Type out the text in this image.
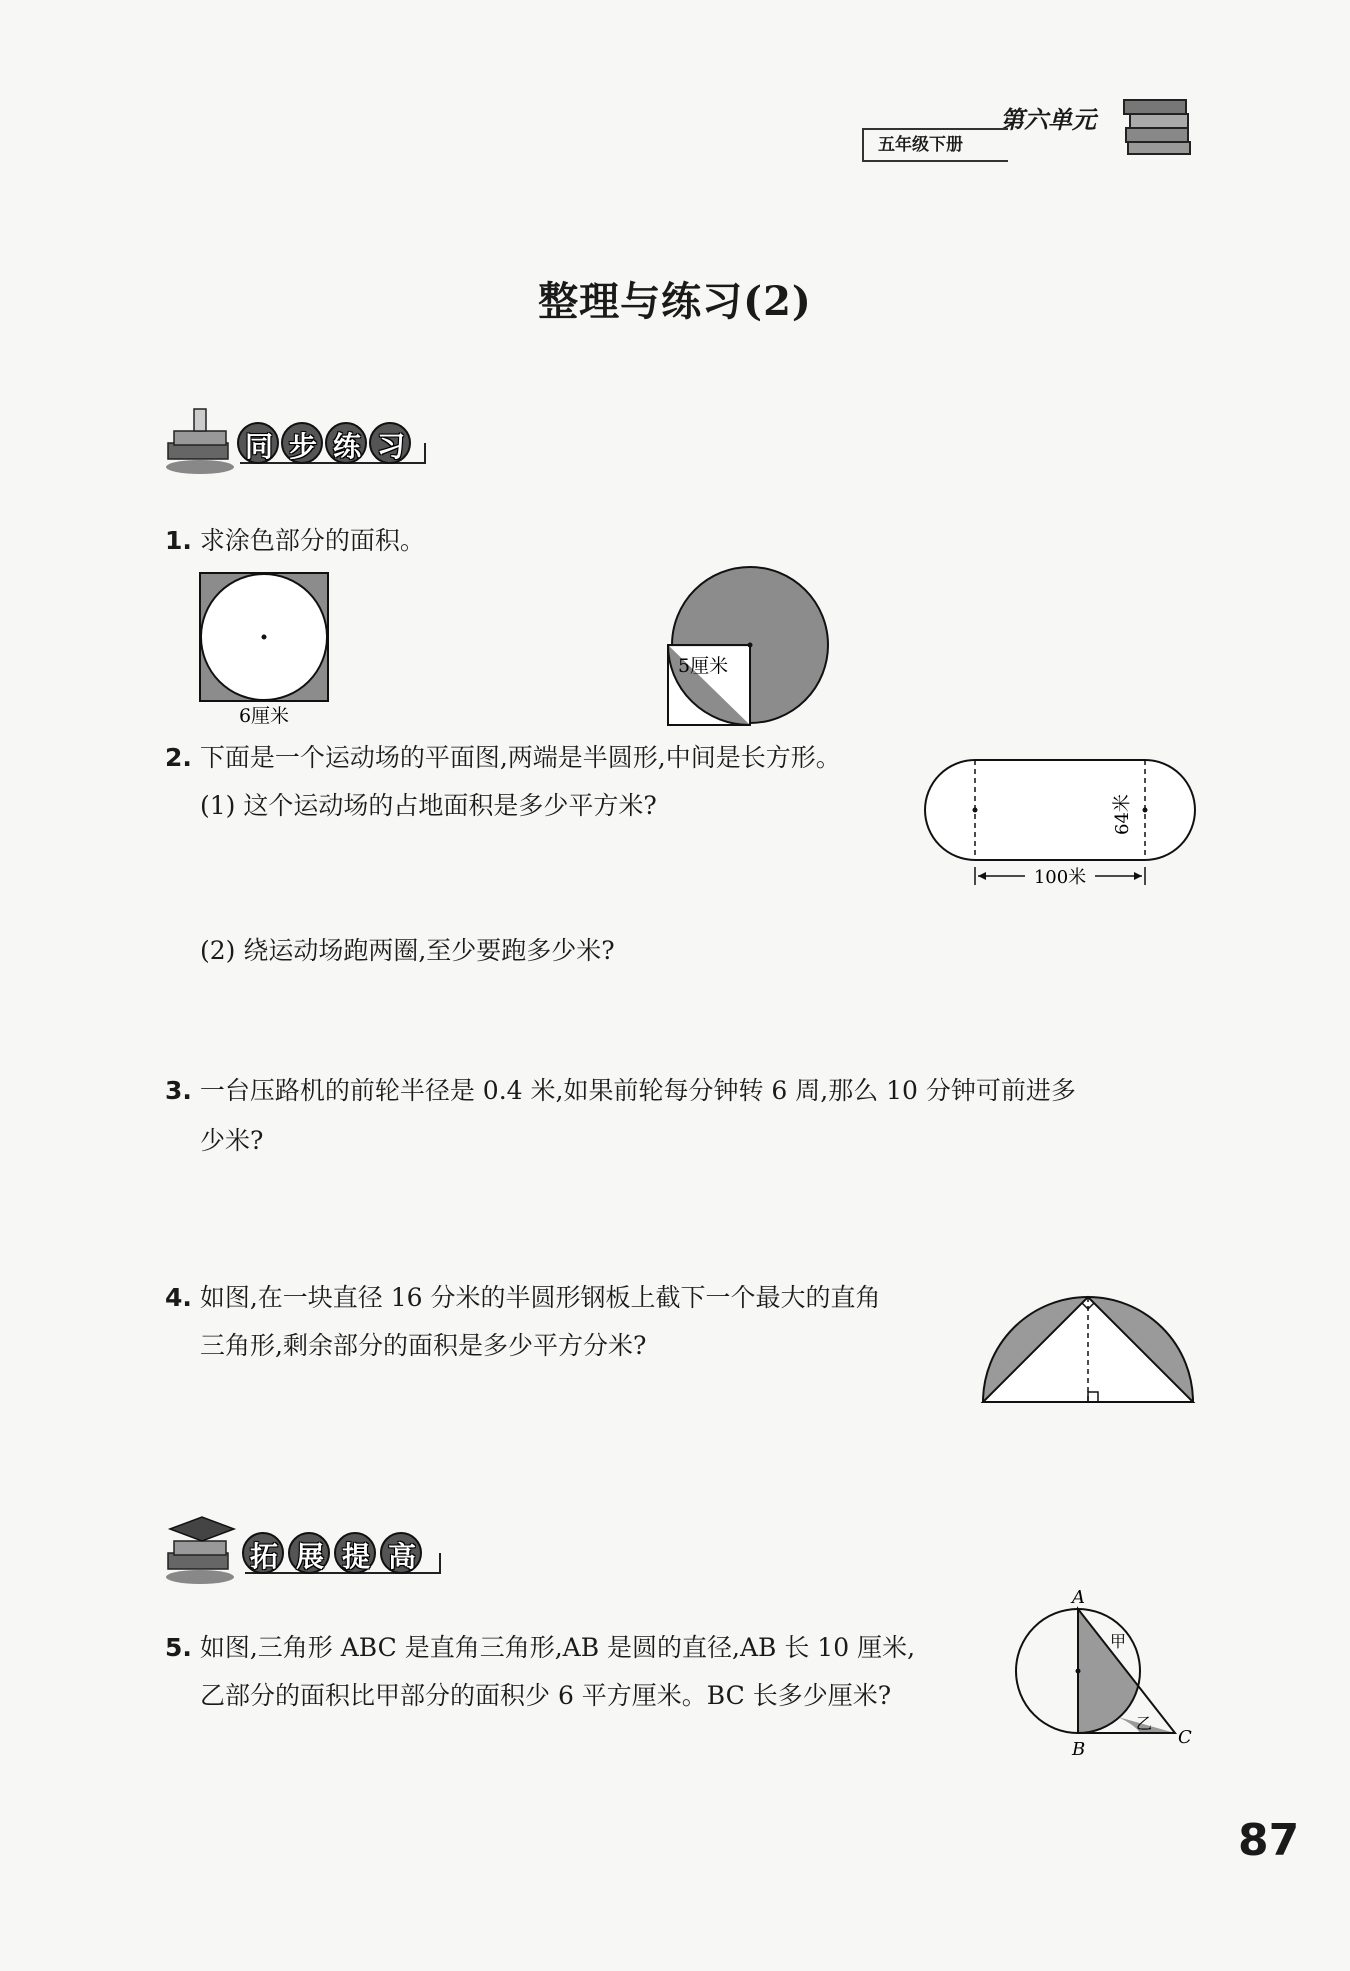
第六单元
五年级下册
整理与练习(2)
同步练习
1. 求涂色部分的面积。
6厘米
5厘米
2. 下面是一个运动场的平面图,两端是半圆形,中间是长方形。
(1) 这个运动场的占地面积是多少平方米?	64米
100米
(2) 绕运动场跑两圈,至少要跑多少米?
3. 一台压路机的前轮半径是 0.4 米,如果前轮每分钟转 6 周,那么 10 分钟可前进多
少米?
4. 如图,在一块直径 16 分米的半圆形钢板上截下一个最大的直角
三角形,剩余部分的面积是多少平方分米?
拓展提高
5. 如图,三角形 ABC 是直角三角形,AB 是圆的直径,AB 长 10 厘米,
乙部分的面积比甲部分的面积少 6 平方厘米。BC 长多少厘米?
A
B
C
甲
乙
87
